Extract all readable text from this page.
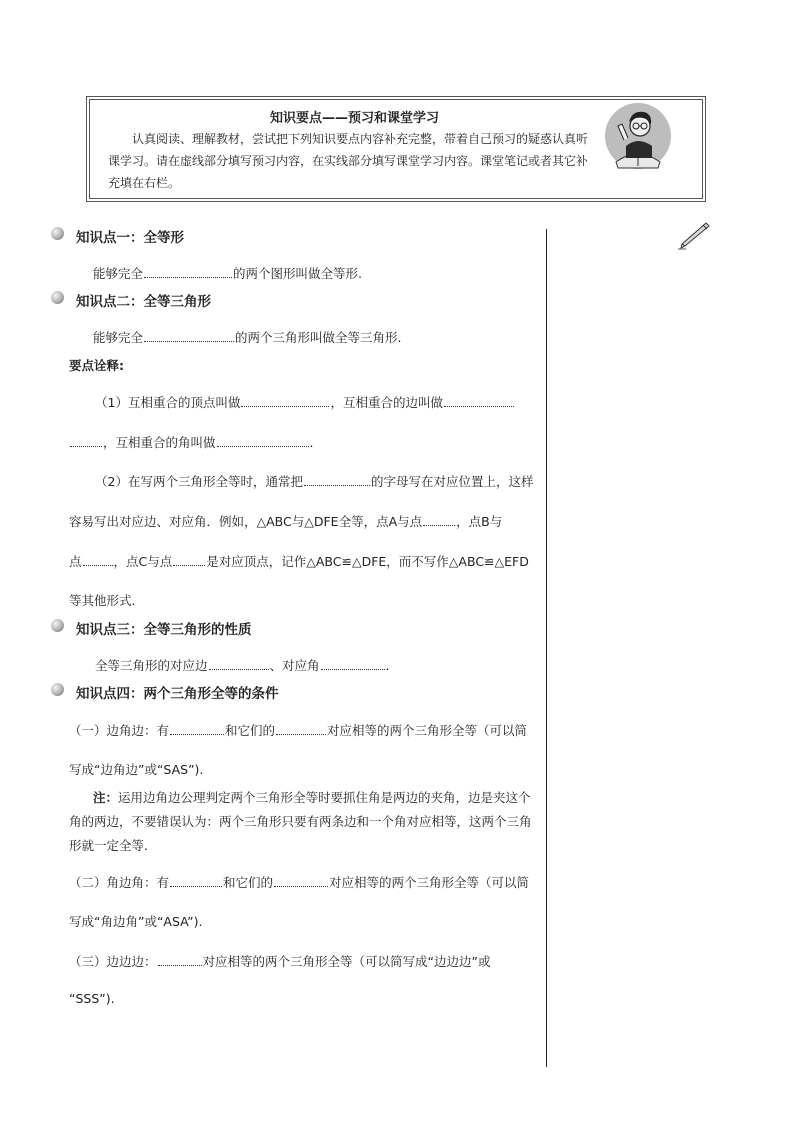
知识要点——预习和课堂学习
认真阅读、理解教材，尝试把下列知识要点内容补充完整，带着自己预习的疑惑认真听
课学习。请在虚线部分填写预习内容，在实线部分填写课堂学习内容。课堂笔记或者其它补
充填在右栏。
知识点一：全等形
能够完全	的两个图形叫做全等形.
知识点二：全等三角形
能够完全	的两个三角形叫做全等三角形.
要点诠释:
（1）互相重合的顶点叫做	，互相重合的边叫做
，互相重合的角叫做	.
（2）在写两个三角形全等时，通常把	的字母写在对应位置上，这样
容易写出对应边、对应角．例如，△ABC与△DFE全等，点A与点	，点B与
点	，点C与点	是对应顶点，记作△ABC≌△DFE，而不写作△ABC≌△EFD
等其他形式.
知识点三：全等三角形的性质
全等三角形的对应边	、对应角	.
知识点四：两个三角形全等的条件
（一）边角边：有	和它们的	对应相等的两个三角形全等（可以简
写成“边角边”或“SAS”).
注：运用边角边公理判定两个三角形全等时要抓住角是两边的夹角，边是夹这个
角的两边，不要错误认为：两个三角形只要有两条边和一个角对应相等，这两个三角
形就一定全等.
（二）角边角：有	和它们的	对应相等的两个三角形全等（可以简
写成“角边角”或“ASA”).
（三）边边边：	对应相等的两个三角形全等（可以简写成“边边边”或
“SSS”).
